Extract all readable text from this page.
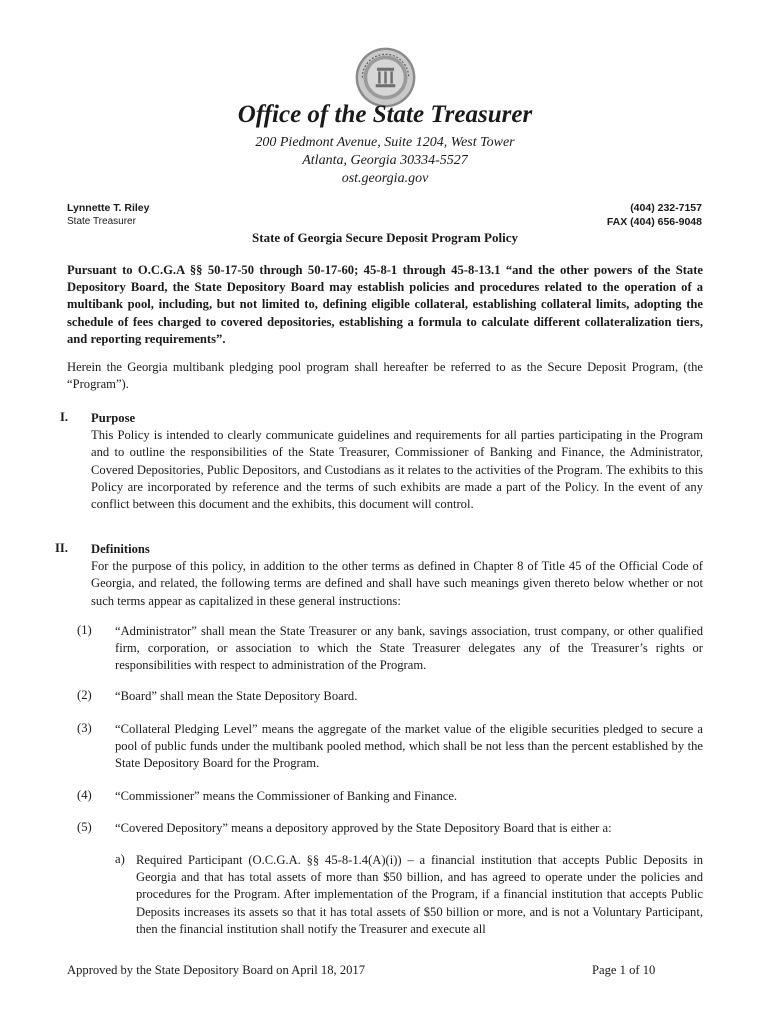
Office of the State Treasurer
200 Piedmont Avenue, Suite 1204, West Tower
Atlanta, Georgia 30334-5527
ost.georgia.gov
Lynnette T. Riley
State Treasurer
(404) 232-7157
FAX (404) 656-9048
State of Georgia Secure Deposit Program Policy
Pursuant to O.C.G.A §§ 50-17-50 through 50-17-60; 45-8-1 through 45-8-13.1 “and the other powers of the State Depository Board, the State Depository Board may establish policies and procedures related to the operation of a multibank pool, including, but not limited to, defining eligible collateral, establishing collateral limits, adopting the schedule of fees charged to covered depositories, establishing a formula to calculate different collateralization tiers, and reporting requirements”.
Herein the Georgia multibank pledging pool program shall hereafter be referred to as the Secure Deposit Program, (the “Program”).
I. Purpose
This Policy is intended to clearly communicate guidelines and requirements for all parties participating in the Program and to outline the responsibilities of the State Treasurer, Commissioner of Banking and Finance, the Administrator, Covered Depositories, Public Depositors, and Custodians as it relates to the activities of the Program. The exhibits to this Policy are incorporated by reference and the terms of such exhibits are made a part of the Policy. In the event of any conflict between this document and the exhibits, this document will control.
II. Definitions
For the purpose of this policy, in addition to the other terms as defined in Chapter 8 of Title 45 of the Official Code of Georgia, and related, the following terms are defined and shall have such meanings given thereto below whether or not such terms appear as capitalized in these general instructions:
(1) “Administrator” shall mean the State Treasurer or any bank, savings association, trust company, or other qualified firm, corporation, or association to which the State Treasurer delegates any of the Treasurer’s rights or responsibilities with respect to administration of the Program.
(2) “Board” shall mean the State Depository Board.
(3) “Collateral Pledging Level” means the aggregate of the market value of the eligible securities pledged to secure a pool of public funds under the multibank pooled method, which shall be not less than the percent established by the State Depository Board for the Program.
(4) “Commissioner” means the Commissioner of Banking and Finance.
(5) “Covered Depository” means a depository approved by the State Depository Board that is either a:
a) Required Participant (O.C.G.A. §§ 45-8-1.4(A)(i)) – a financial institution that accepts Public Deposits in Georgia and that has total assets of more than $50 billion, and has agreed to operate under the policies and procedures for the Program. After implementation of the Program, if a financial institution that accepts Public Deposits increases its assets so that it has total assets of $50 billion or more, and is not a Voluntary Participant, then the financial institution shall notify the Treasurer and execute all
Approved by the State Depository Board on April 18, 2017	Page 1 of 10
